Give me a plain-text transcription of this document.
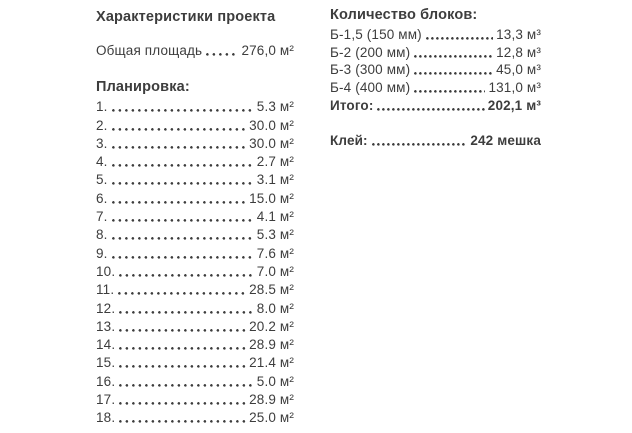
Характеристики проекта
Общая площадь	276,0 м²
Планировка:
1.	5.3 м²
2.	30.0 м²
3.	30.0 м²
4.	2.7 м²
5.	3.1 м²
6.	15.0 м²
7.	4.1 м²
8.	5.3 м²
9.	7.6 м²
10.	7.0 м²
11.	28.5 м²
12.	8.0 м²
13.	20.2 м²
14.	28.9 м²
15.	21.4 м²
16.	5.0 м²
17.	28.9 м²
18.	25.0 м²
Количество блоков:
Б-1,5 (150 мм)	13,3 м³
Б-2 (200 мм)	12,8 м³
Б-3 (300 мм)	45,0 м³
Б-4 (400 мм)	131,0 м³
Итого:	202,1 м³
Клей:	242 мешка
